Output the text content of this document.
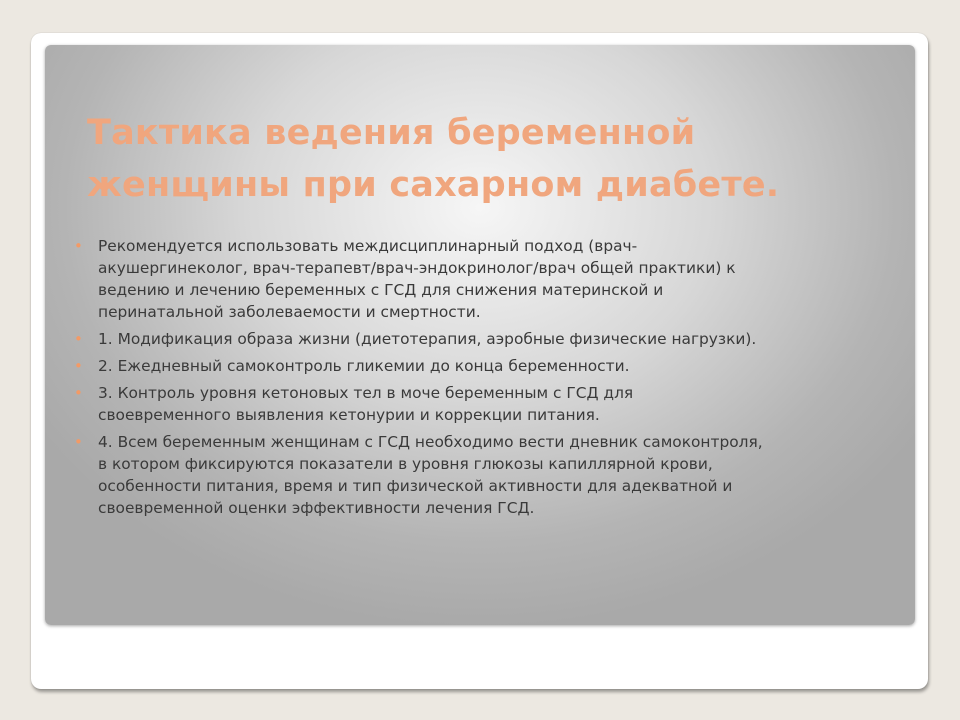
Тактика ведения беременной
женщины при сахарном диабете.
• Рекомендуется использовать междисциплинарный подход (врач-
акушергинеколог, врач-терапевт/врач-эндокринолог/врач общей практики) к
ведению и лечению беременных с ГСД для снижения материнской и
перинатальной заболеваемости и смертности.
• 1. Модификация образа жизни (диетотерапия, аэробные физические нагрузки).
• 2. Ежедневный самоконтроль гликемии до конца беременности.
• 3. Контроль уровня кетоновых тел в моче беременным с ГСД для
своевременного выявления кетонурии и коррекции питания.
• 4. Всем беременным женщинам с ГСД необходимо вести дневник самоконтроля,
в котором фиксируются показатели в уровня глюкозы капиллярной крови,
особенности питания, время и тип физической активности для адекватной и
своевременной оценки эффективности лечения ГСД.
